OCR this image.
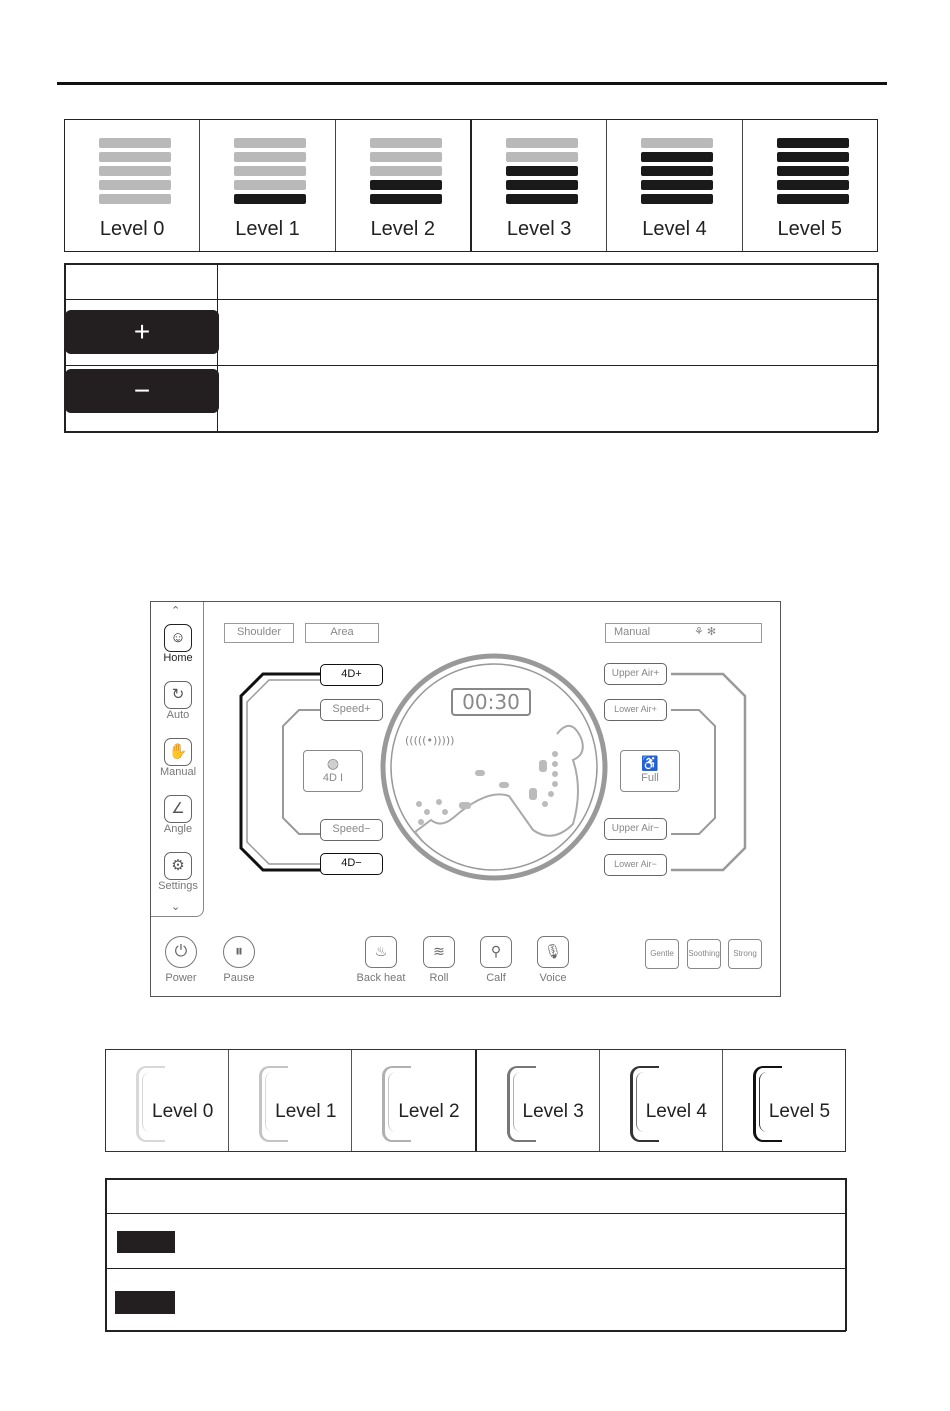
Level 0	Level 1	Level 2	Level 3	Level 4	Level 5
+
−
⌃
☺
Home
↻
Auto
✋
Manual
∠
Angle
⚙
Settings
⌄
Shoulder	Area	Manual	⚘ ✻
4D+
Speed+
◍
4D I
Speed−
4D−
(((((•)))))
00:30
Upper Air+
Lower Air+
♿
Full
Upper Air−
Lower Air−
⏻
Power
⏸
Pause
♨
Back heat
≋
Roll
⚲
Calf
🎙
Voice
Gentle	Soothing	Strong
Level 0	Level 1	Level 2	Level 3	Level 4	Level 5
